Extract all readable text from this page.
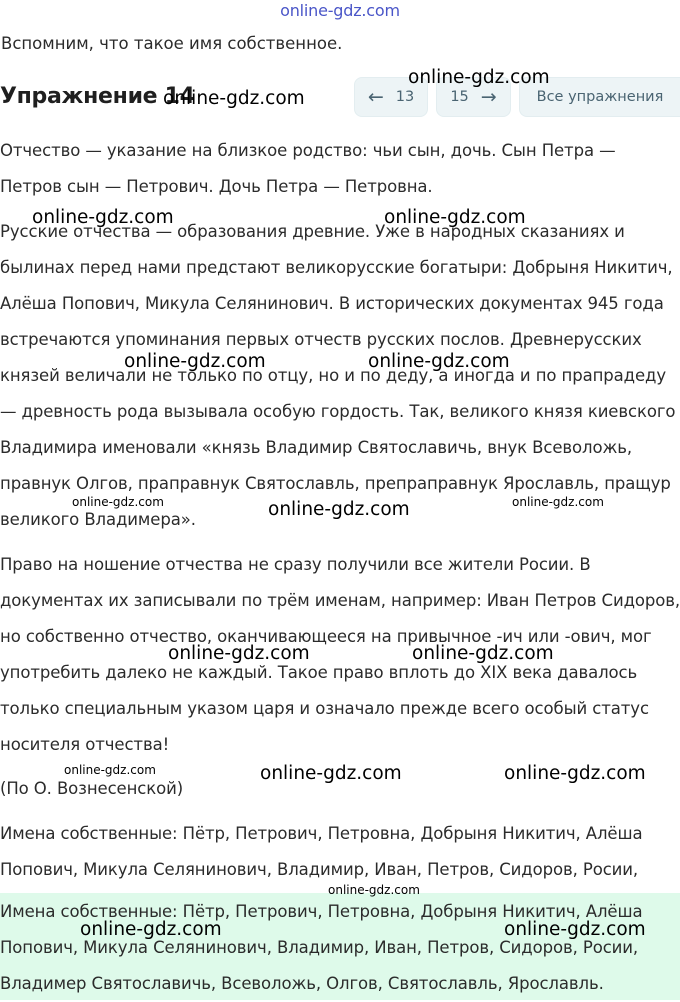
online-gdz.com

Вспомним, что такое имя собственное.

Упражнение 14	← 13 15 →	Все упражнения

Отчество — указание на близкое родство: чьи сын, дочь. Сын Петра — Петров сын — Петрович. Дочь Петра — Петровна.

Русские отчества — образования древние. Уже в народных сказаниях и былинах перед нами предстают великорусские богатыри: Добрыня Никитич, Алёша Попович, Микула Селянинович. В исторических документах 945 года встречаются упоминания первых отчеств русских послов. Древнерусских князей величали не только по отцу, но и по деду, а иногда и по прапрадеду — древность рода вызывала особую гордость. Так, великого князя киевского Владимира именовали «князь Владимир Святославичь, внук Всеволожь, правнук Олгов, праправнук Святославль, препраправнук Ярославль, пращур великого Владимера».

Право на ношение отчества не сразу получили все жители Росии. В документах их записывали по трём именам, например: Иван Петров Сидоров, но собственно отчество, оканчивающееся на привычное -ич или -ович, мог употребить далеко не каждый. Такое право вплоть до XIX века давалось только специальным указом царя и означало прежде всего особый статус носителя отчества!

(По О. Вознесенской)

Имена собственные: Пётр, Петрович, Петровна, Добрыня Никитич, Алёша Попович, Микула Селянинович, Владимир, Иван, Петров, Сидоров, Росии,

Имена собственные: Пётр, Петрович, Петровна, Добрыня Никитич, Алёша Попович, Микула Селянинович, Владимир, Иван, Петров, Сидоров, Росии, Владимер Святославичь, Всеволожь, Олгов, Святославль, Ярославль.

online-gdz.com
online-gdz.com
online-gdz.com	online-gdz.com
online-gdz.com	online-gdz.com
online-gdz.com	online-gdz.com	online-gdz.com
online-gdz.com	online-gdz.com
online-gdz.com	online-gdz.com	online-gdz.com
online-gdz.com
online-gdz.com	online-gdz.com
